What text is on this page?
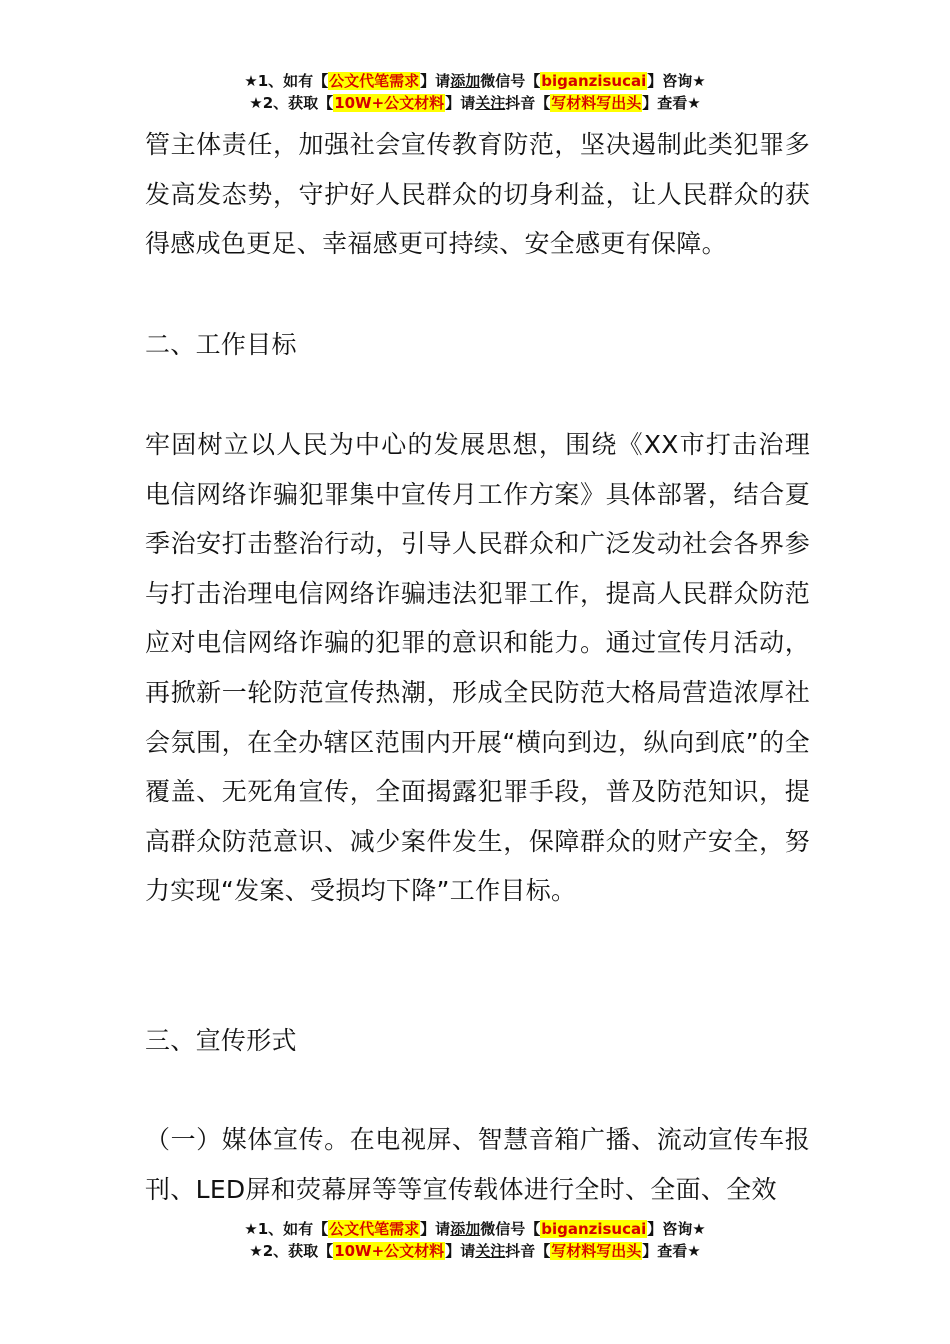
★1、如有【公文代笔需求】请添加微信号【biganzisucai】咨询★
★2、获取【10W+公文材料】请关注抖音【写材料写出头】查看★

管主体责任，加强社会宣传教育防范，坚决遏制此类犯罪多发高发态势，守护好人民群众的切身利益，让人民群众的获得感成色更足、幸福感更可持续、安全感更有保障。

二、工作目标

牢固树立以人民为中心的发展思想，围绕《XX市打击治理电信网络诈骗犯罪集中宣传月工作方案》具体部署，结合夏季治安打击整治行动，引导人民群众和广泛发动社会各界参与打击治理电信网络诈骗违法犯罪工作，提高人民群众防范应对电信网络诈骗的犯罪的意识和能力。通过宣传月活动，再掀新一轮防范宣传热潮，形成全民防范大格局营造浓厚社会氛围，在全办辖区范围内开展“横向到边，纵向到底”的全覆盖、无死角宣传，全面揭露犯罪手段，普及防范知识，提高群众防范意识、减少案件发生，保障群众的财产安全，努力实现“发案、受损均下降”工作目标。

三、宣传形式

（一）媒体宣传。在电视屏、智慧音箱广播、流动宣传车报刊、LED屏和荧幕屏等等宣传载体进行全时、全面、全效

★1、如有【公文代笔需求】请添加微信号【biganzisucai】咨询★
★2、获取【10W+公文材料】请关注抖音【写材料写出头】查看★
